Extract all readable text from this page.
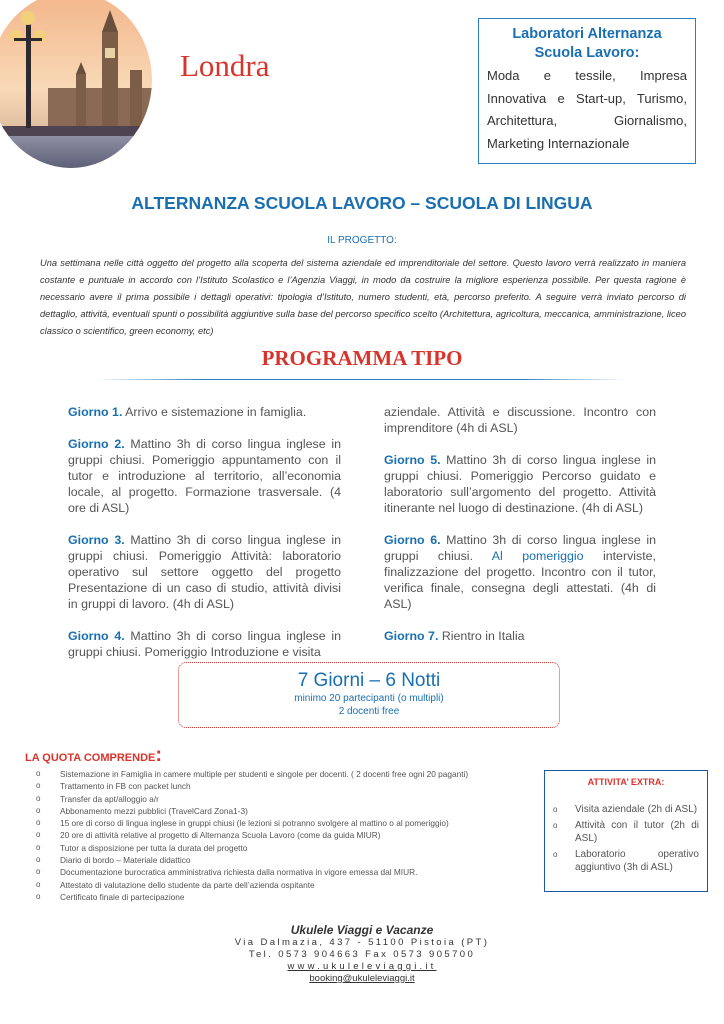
Londra
Laboratori Alternanza Scuola Lavoro:
Moda e tessile, Impresa Innovativa e Start-up, Turismo, Architettura, Giornalismo, Marketing Internazionale
ALTERNANZA SCUOLA LAVORO – SCUOLA DI LINGUA
IL PROGETTO:
Una settimana nelle città oggetto del progetto alla scoperta del sistema aziendale ed imprenditoriale del settore. Questo lavoro verrà realizzato in maniera costante e puntuale in accordo con l’Istituto Scolastico e l’Agenzia Viaggi, in modo da costruire la migliore esperienza possibile. Per questa ragione è necessario avere il prima possibile i dettagli operativi: tipologia d’Istituto, numero studenti, età, percorso preferito. A seguire verrà inviato percorso di dettaglio, attività, eventuali spunti o possibilità aggiuntive sulla base del percorso specifico scelto (Architettura, agricoltura, meccanica, amministrazione, liceo classico o scientifico, green economy, etc)
PROGRAMMA TIPO

Giorno 1. Arrivo e sistemazione in famiglia.

Giorno 2. Mattino 3h di corso lingua inglese in gruppi chiusi. Pomeriggio appuntamento con il tutor e introduzione al territorio, all’economia locale, al progetto. Formazione trasversale. (4 ore di ASL)

Giorno 3. Mattino 3h di corso lingua inglese in gruppi chiusi. Pomeriggio Attività: laboratorio operativo sul settore oggetto del progetto Presentazione di un caso di studio, attività divisi in gruppi di lavoro. (4h di ASL)

Giorno 4. Mattino 3h di corso lingua inglese in gruppi chiusi. Pomeriggio Introduzione e visita

aziendale. Attività e discussione. Incontro con imprenditore (4h di ASL)

Giorno 5. Mattino 3h di corso lingua inglese in gruppi chiusi. Pomeriggio Percorso guidato e laboratorio sull’argomento del progetto. Attività itinerante nel luogo di destinazione. (4h di ASL)

Giorno 6. Mattino 3h di corso lingua inglese in gruppi chiusi. Al pomeriggio interviste, finalizzazione del progetto. Incontro con il tutor, verifica finale, consegna degli attestati. (4h di ASL)

Giorno 7. Rientro in Italia

7 Giorni – 6 Notti
minimo 20 partecipanti (o multipli)
2 docenti free
LA QUOTA COMPRENDE:
o Sistemazione in Famiglia in camere multiple per studenti e singole per docenti. ( 2 docenti free ogni 20 paganti)
o Trattamento in FB con packet lunch
o Transfer da apt/alloggio a/r
o Abbonamento mezzi pubblici (TravelCard Zona1-3)
o 15 ore di corso di lingua inglese in gruppi chiusi (le lezioni si potranno svolgere al mattino o al pomeriggio)
o 20 ore di attività relative al progetto di Alternanza Scuola Lavoro (come da guida MIUR)
o Tutor a disposizione per tutta la durata del progetto
o Diario di bordo – Materiale didattico
o Documentazione burocratica amministrativa richiesta dalla normativa in vigore emessa dal MIUR.
o Attestato di valutazione dello studente da parte dell’azienda ospitante
o Certificato finale di partecipazione
ATTIVITA’ EXTRA:
o Visita aziendale (2h di ASL)
o Attività con il tutor (2h di ASL)
o Laboratorio operativo aggiuntivo (3h di ASL)
Ukulele Viaggi e Vacanze
Via Dalmazia, 437 - 51100 Pistoia (PT)
Tel. 0573 904663 Fax 0573 905700
www.ukuleleviaggi.it
booking@ukuleleviaggi.it
